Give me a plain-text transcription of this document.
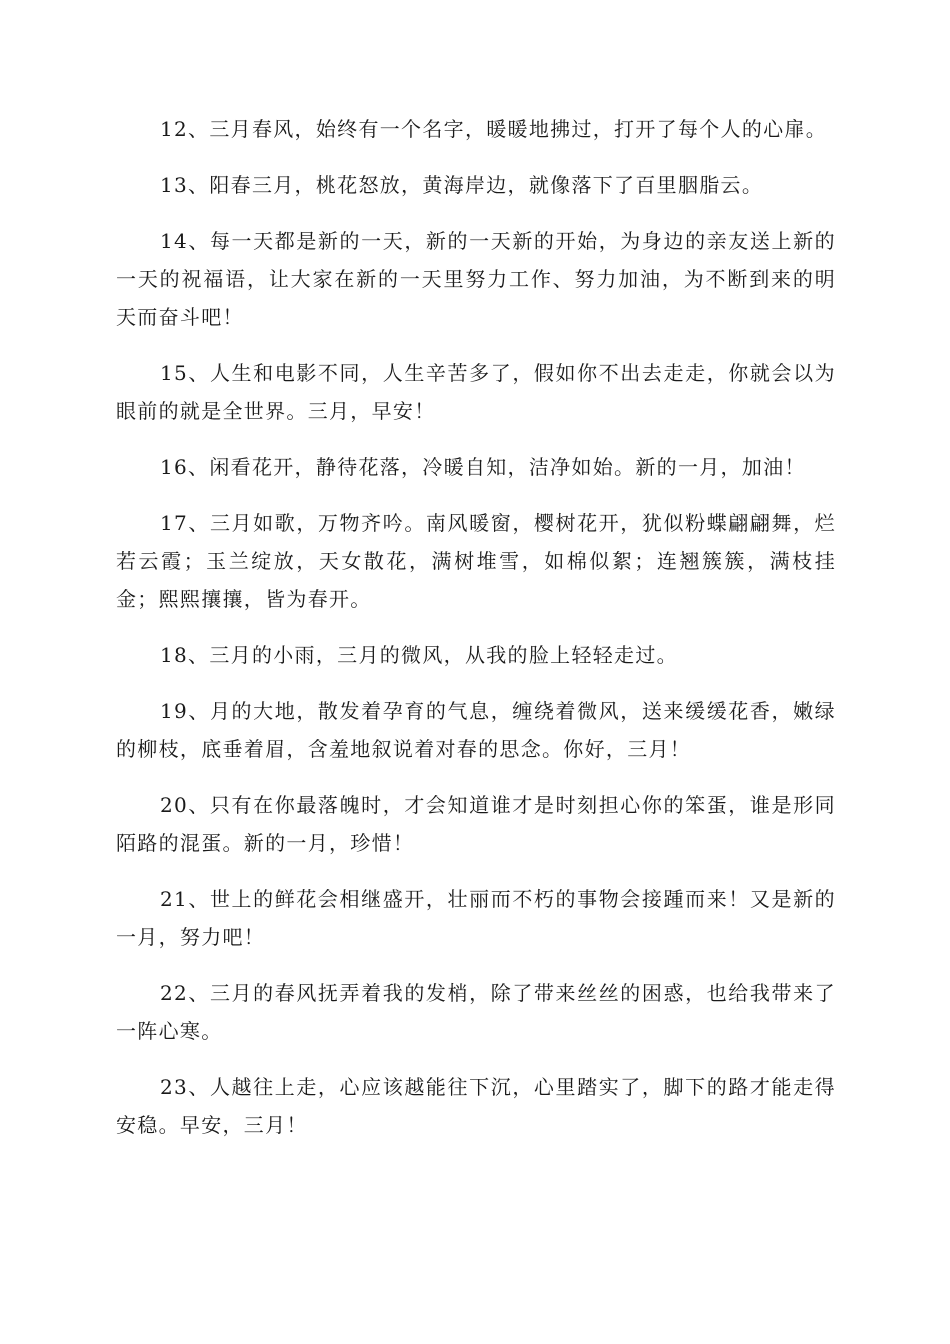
12、三月春风，始终有一个名字，暖暖地拂过，打开了每个人的心扉。

13、阳春三月，桃花怒放，黄海岸边，就像落下了百里胭脂云。

14、每一天都是新的一天，新的一天新的开始，为身边的亲友送上新的一天的祝福语，让大家在新的一天里努力工作、努力加油，为不断到来的明天而奋斗吧！

15、人生和电影不同，人生辛苦多了，假如你不出去走走，你就会以为眼前的就是全世界。三月，早安！

16、闲看花开，静待花落，冷暖自知，洁净如始。新的一月，加油！

17、三月如歌，万物齐吟。南风暖窗，樱树花开，犹似粉蝶翩翩舞，烂若云霞；玉兰绽放，天女散花，满树堆雪，如棉似絮；连翘簇簇，满枝挂金；熙熙攘攘，皆为春开。

18、三月的小雨，三月的微风，从我的脸上轻轻走过。

19、月的大地，散发着孕育的气息，缠绕着微风，送来缓缓花香，嫩绿的柳枝，底垂着眉，含羞地叙说着对春的思念。你好，三月！

20、只有在你最落魄时，才会知道谁才是时刻担心你的笨蛋，谁是形同陌路的混蛋。新的一月，珍惜！

21、世上的鲜花会相继盛开，壮丽而不朽的事物会接踵而来！又是新的一月，努力吧！

22、三月的春风抚弄着我的发梢，除了带来丝丝的困惑，也给我带来了一阵心寒。

23、人越往上走，心应该越能往下沉，心里踏实了，脚下的路才能走得安稳。早安，三月！
